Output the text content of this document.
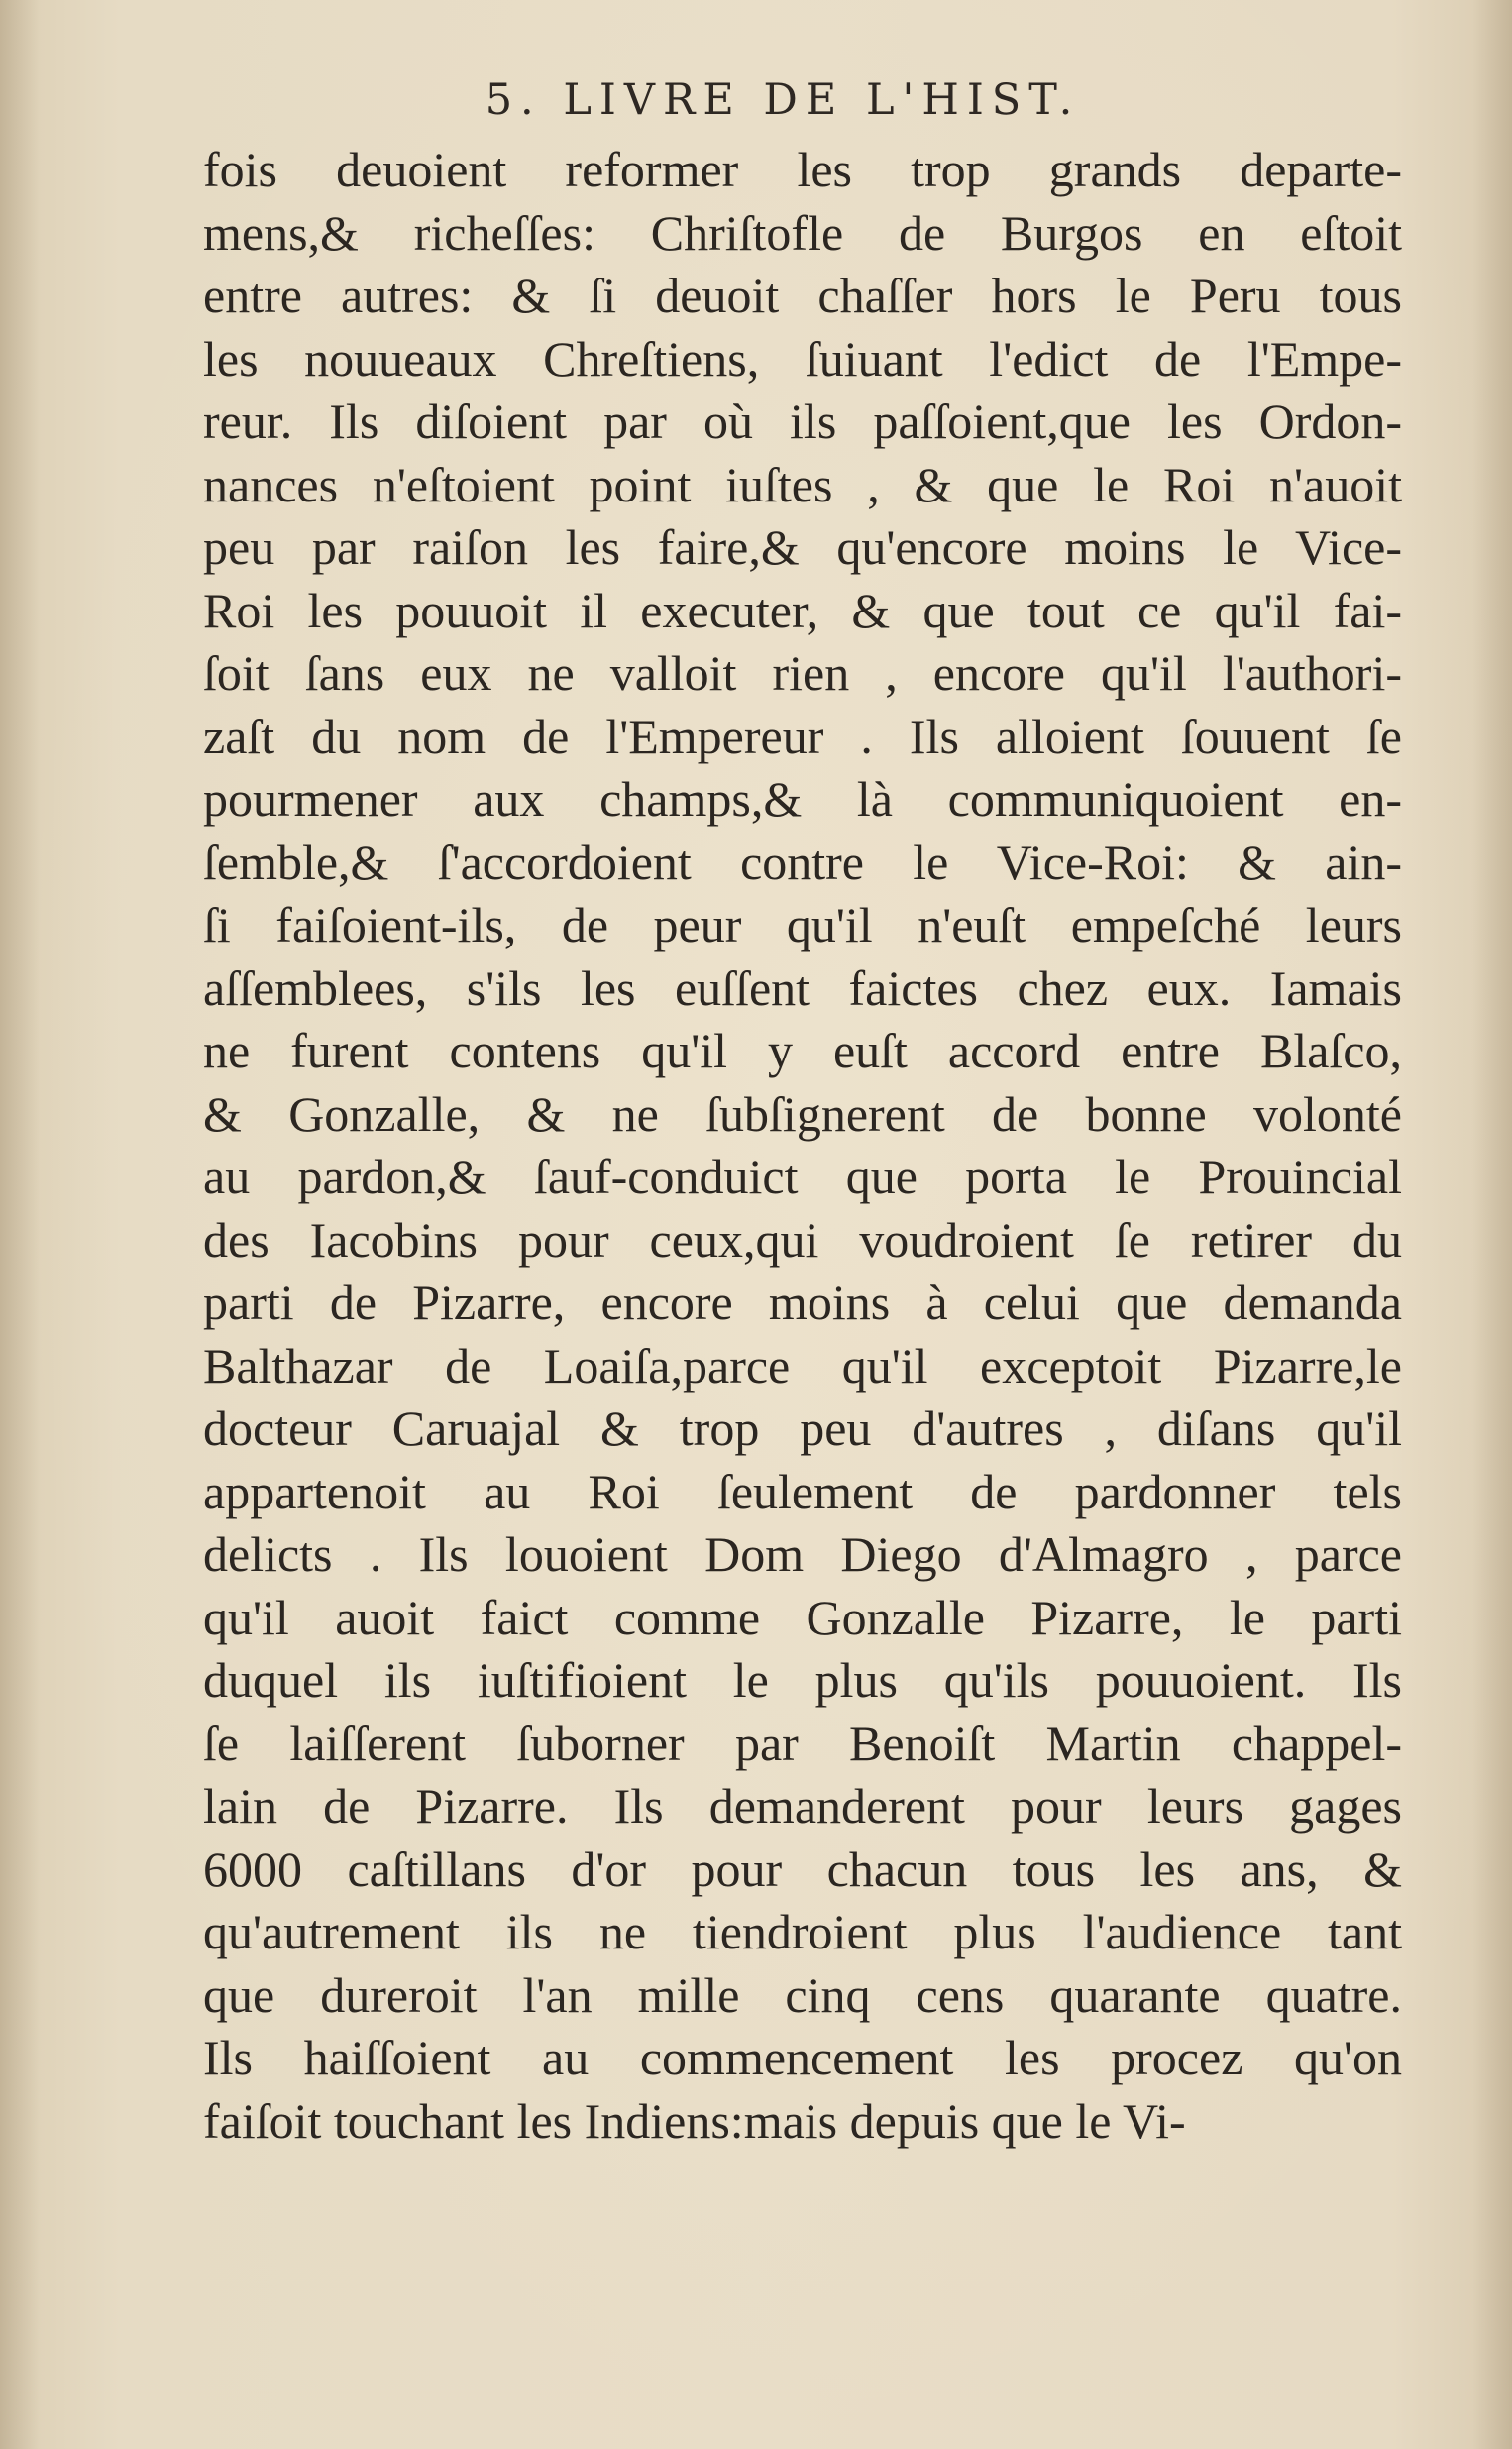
5. LIVRE DE L'HIST.
fois deuoient reformer les trop grands departe-
mens,& richeſſes: Chriſtofle de Burgos en eſtoit
entre autres: & ſi deuoit chaſſer hors le Peru tous
les nouueaux Chreſtiens, ſuiuant l'edict de l'Empe-
reur. Ils diſoient par où ils paſſoient,que les Ordon-
nances n'eſtoient point iuſtes , & que le Roi n'auoit
peu par raiſon les faire,& qu'encore moins le Vice-
Roi les pouuoit il executer, & que tout ce qu'il fai-
ſoit ſans eux ne valloit rien , encore qu'il l'authori-
zaſt du nom de l'Empereur . Ils alloient ſouuent ſe
pourmener aux champs,& là communiquoient en-
ſemble,& ſ'accordoient contre le Vice-Roi: & ain-
ſi faiſoient-ils, de peur qu'il n'euſt empeſché leurs
aſſemblees, s'ils les euſſent faictes chez eux. Iamais
ne furent contens qu'il y euſt accord entre Blaſco,
& Gonzalle, & ne ſubſignerent de bonne volonté
au pardon,& ſauf-conduict que porta le Prouincial
des Iacobins pour ceux,qui voudroient ſe retirer du
parti de Pizarre, encore moins à celui que demanda
Balthazar de Loaiſa,parce qu'il exceptoit Pizarre,le
docteur Caruajal & trop peu d'autres , diſans qu'il
appartenoit au Roi ſeulement de pardonner tels
delicts . Ils louoient Dom Diego d'Almagro , parce
qu'il auoit faict comme Gonzalle Pizarre, le parti
duquel ils iuſtifioient le plus qu'ils pouuoient. Ils
ſe laiſſerent ſuborner par Benoiſt Martin chappel-
lain de Pizarre. Ils demanderent pour leurs gages
6000 caſtillans d'or pour chacun tous les ans, &
qu'autrement ils ne tiendroient plus l'audience tant
que dureroit l'an mille cinq cens quarante quatre.
Ils haiſſoient au commencement les procez qu'on
faiſoit touchant les Indiens:mais depuis que le Vi-
